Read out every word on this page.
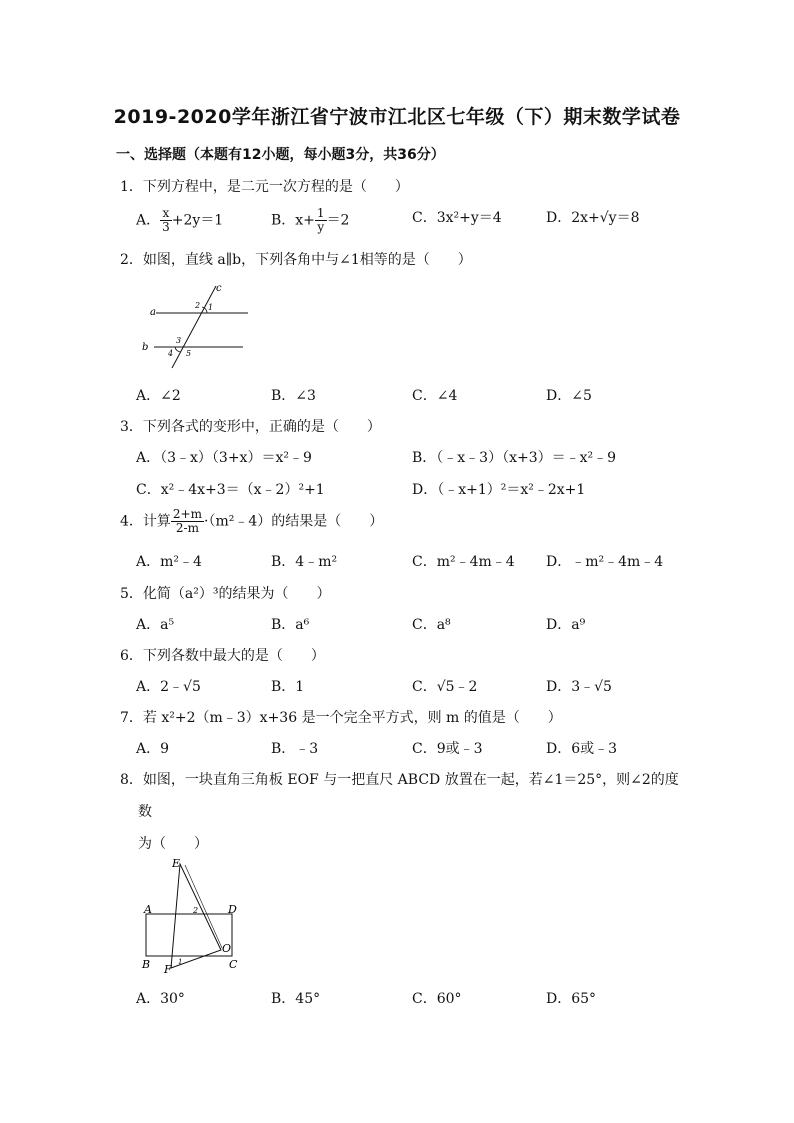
2019-2020学年浙江省宁波市江北区七年级（下）期末数学试卷
一、选择题（本题有12小题，每小题3分，共36分）
1．下列方程中，是二元一次方程的是（　　）
A． $\frac{x}{3} +2y=1$	B．$x+ \frac{1}{y} =2$	C．3x²+y＝4	D．2x+√y＝8
2．如图，直线 a∥b，下列各角中与∠1相等的是（　　）
a
b
c
1
2
3
4 5
A．∠2	B．∠3	C．∠4	D．∠5
3．下列各式的变形中，正确的是（　　）
A．（3﹣x）（3+x）＝x²﹣9	B．（﹣x﹣3）（x+3）＝﹣x²﹣9
C．x²﹣4x+3＝（x﹣2）²+1	D．（﹣x+1）²＝x²﹣2x+1
4．计算 $\frac{2+m}{2-m}$ ·（m²﹣4）的结果是（　　）
A．m²﹣4	B．4﹣m²	C．m²﹣4m﹣4 D．﹣m²﹣4m﹣4
5．化简（a²）³的结果为（　　）
A．a⁵	B．a⁶	C．a⁸	D．a⁹
6．下列各数中最大的是（　　）
A．2﹣√5	B．1	C．√5﹣2	D．3﹣√5
7．若 x²+2（m﹣3）x+36 是一个完全平方式，则 m 的值是（　　）
A．9	B．﹣3	C．9或﹣3	D．6或﹣3
8．如图，一块直角三角板 EOF 与一把直尺 ABCD 放置在一起，若∠1＝25°，则∠2的度
数
为（　　）
E
A	D
O
B	C
F
1
2
A．30°	B．45°	C．60°	D．65°
